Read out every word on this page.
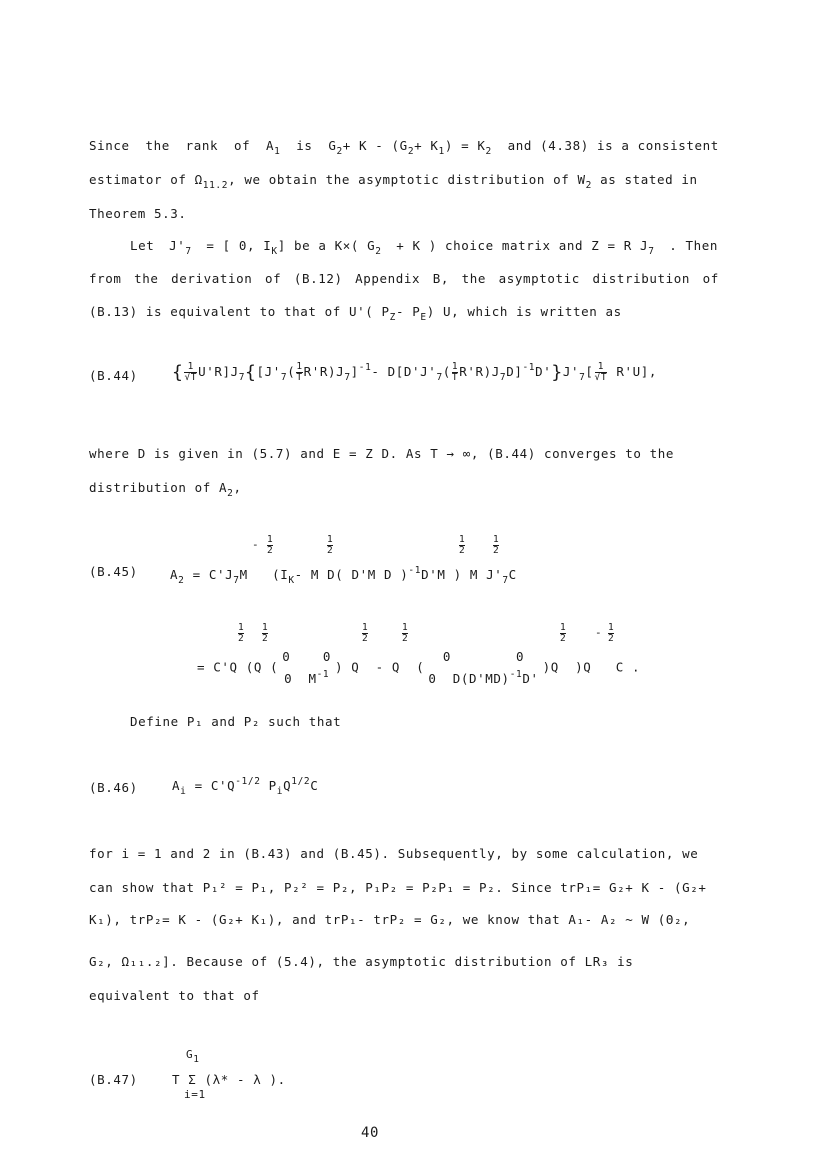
Since the rank of $A_1$ is $G_2+ K - (G_2+ K_1) = K_2$ and (4.38) is a consistent
estimator of $\Omega_{11.2}$, we obtain the asymptotic distribution of $W_2$ as stated in
Theorem 5.3.
Let $J'_7$ = [ 0, $I_K$] be a K×( $G_2 + K$ ) choice matrix and Z = R $J_7$ . Then
from the derivation of (B.12) Appendix B, the asymptotic distribution of
(B.13) is equivalent to that of U'( $P_Z-$ $P_E$) U, which is written as
(B.44) { $\frac{1}{√T} U'R]J_7\{[J'_7( \frac{1}{T} R'R)J_7]^{-1}-$ $D[D'J'_7( \frac{1}{T} R'R)J_7D]^{-1}D'\}J'_7[ \frac{1}{√T} R'U]$,
where D is given in (5.7) and E = Z D. As T → ∞, (B.44) converges to the
distribution of $A_2$,
(B.45)
- 1
2
1
2
1
2
1
2
$A_2 = C'J_7M$   ($I_K-$ M D( D'M D )$^{-1}$D'M ) M $J'_7C$
1
2
1
2
1
2
1
2
1
2	- 1
2
= C'Q (Q (0    0
0  $M^{-1}$ ) Q  - Q  (0        0
0  $D(D'MD)^{-1}D')Q$  )Q   C .
Define P₁ and P₂ such that
(B.46)	$A_i = C'Q^{-1/2}$ $P_iQ^{1/2}C$
for i = 1 and 2 in (B.43) and (B.45). Subsequently, by some calculation, we
can show that P₁² = P₁, P₂² = P₂, P₁P₂ = P₂P₁ = P₂. Since trP₁= G₂+ K - (G₂+
K₁), trP₂= K - (G₂+ K₁), and trP₁- trP₂ = G₂, we know that A₁- A₂ ~ W (Θ₂,
G₂, Ω₁₁.₂]. Because of (5.4), the asymptotic distribution of LR₃ is
equivalent to that of
(B.47)
G1
T Σ (λ* - λ ).
i=1
40
